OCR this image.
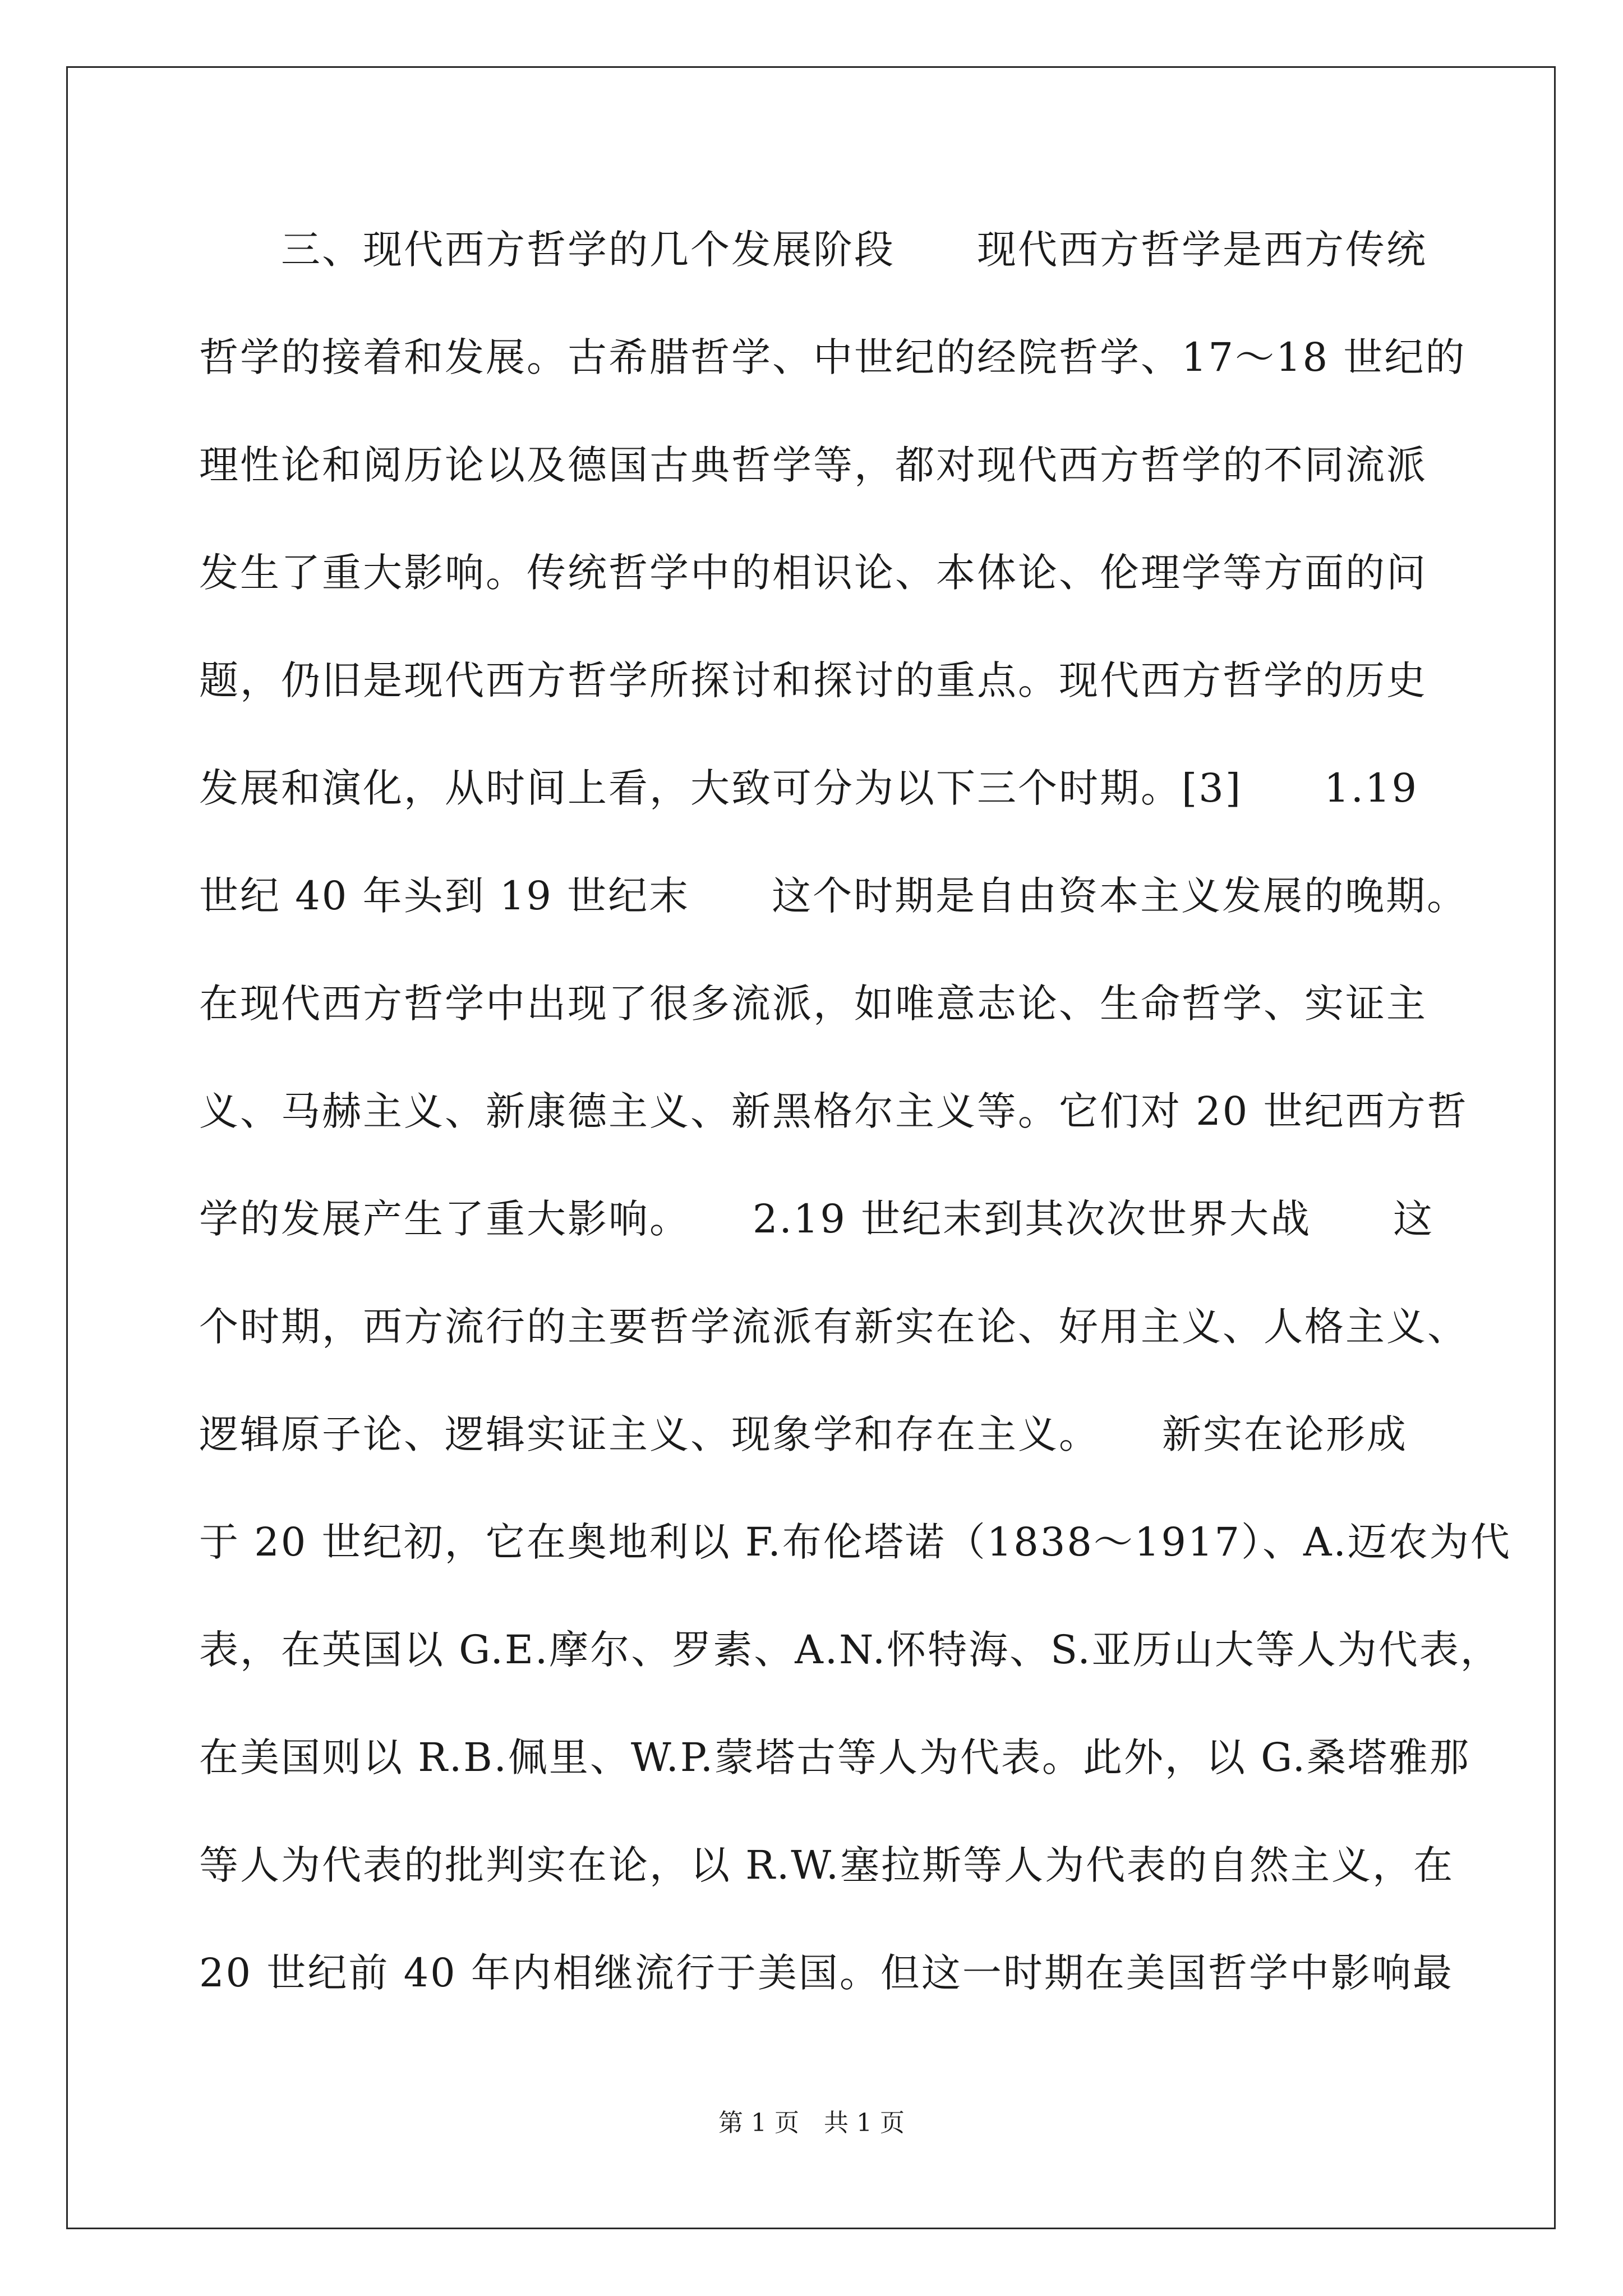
　　三、现代西方哲学的几个发展阶段　　现代西方哲学是西方传统
哲学的接着和发展。古希腊哲学、中世纪的经院哲学、17～18 世纪的
理性论和阅历论以及德国古典哲学等，都对现代西方哲学的不同流派
发生了重大影响。传统哲学中的相识论、本体论、伦理学等方面的问
题，仍旧是现代西方哲学所探讨和探讨的重点。现代西方哲学的历史
发展和演化，从时间上看，大致可分为以下三个时期。[3]　　1.19
世纪 40 年头到 19 世纪末　　这个时期是自由资本主义发展的晚期。
在现代西方哲学中出现了很多流派，如唯意志论、生命哲学、实证主
义、马赫主义、新康德主义、新黑格尔主义等。它们对 20 世纪西方哲
学的发展产生了重大影响。　　2.19 世纪末到其次次世界大战　　这
个时期，西方流行的主要哲学流派有新实在论、好用主义、人格主义、
逻辑原子论、逻辑实证主义、现象学和存在主义。　　新实在论形成
于 20 世纪初，它在奥地利以 F.布伦塔诺（1838～1917）、A.迈农为代
表，在英国以 G.E.摩尔、罗素、A.N.怀特海、S.亚历山大等人为代表，
在美国则以 R.B.佩里、W.P.蒙塔古等人为代表。此外，以 G.桑塔雅那
等人为代表的批判实在论，以 R.W.塞拉斯等人为代表的自然主义，在
20 世纪前 40 年内相继流行于美国。但这一时期在美国哲学中影响最
第 1 页　共 1 页
